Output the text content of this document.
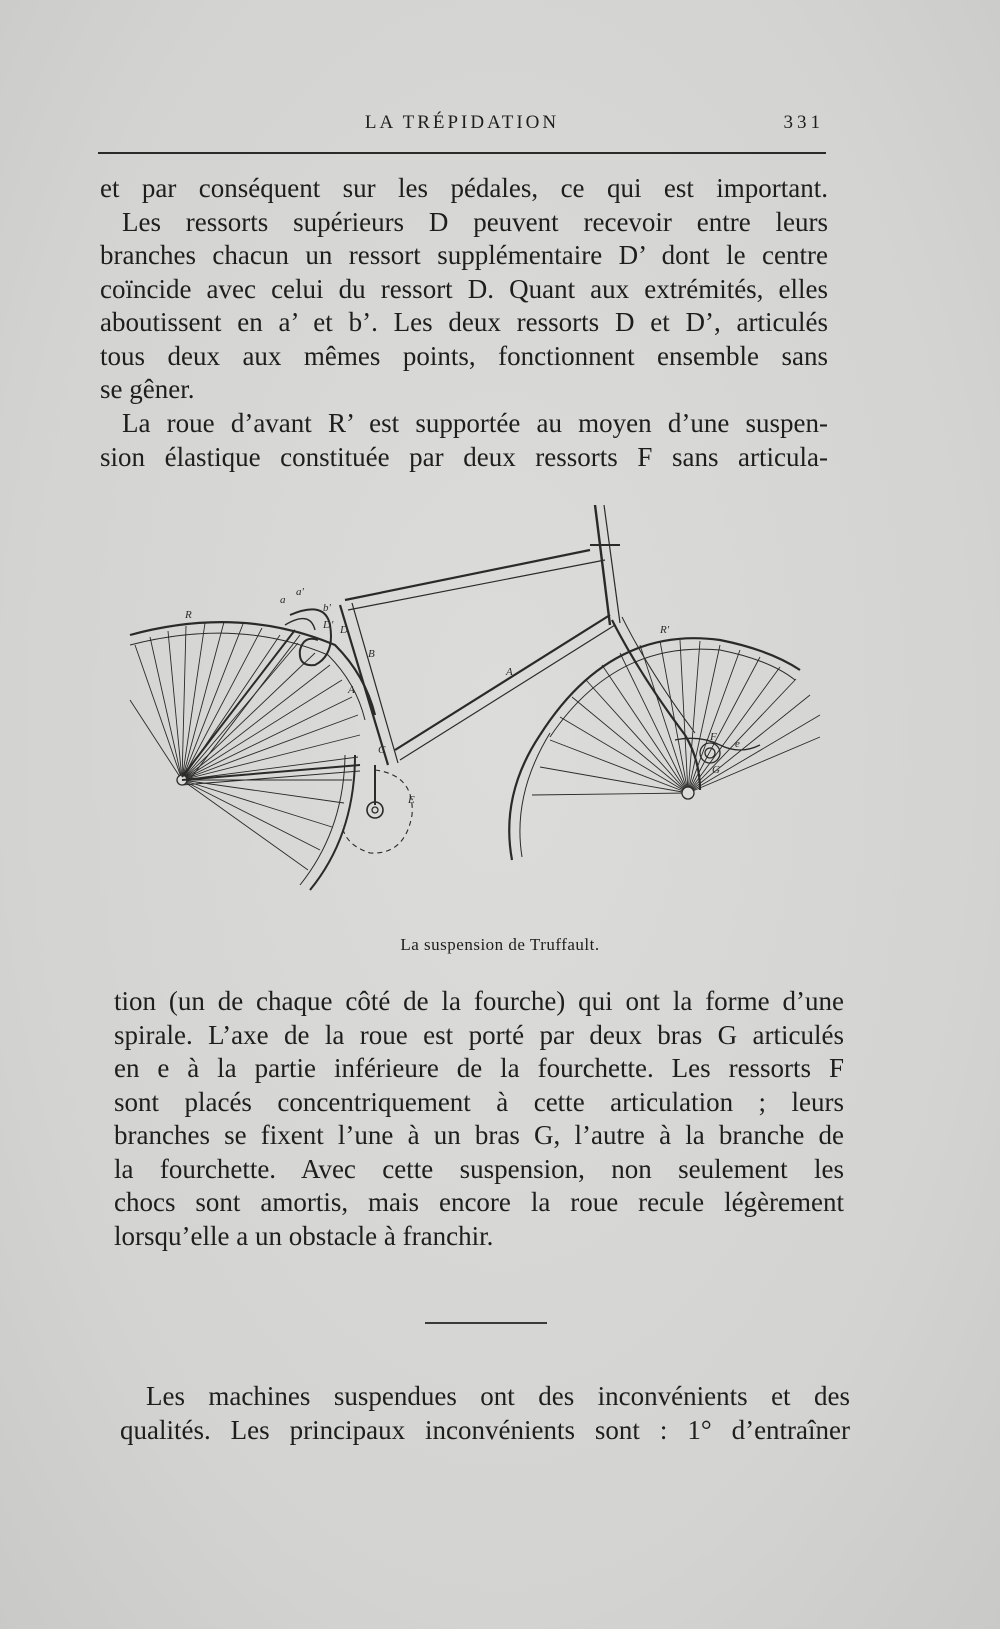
LA TRÉPIDATION	331
et par conséquent sur les pédales, ce qui est important.
Les ressorts supérieurs D peuvent recevoir entre leurs
branches chacun un ressort supplémentaire D’ dont le centre
coïncide avec celui du ressort D. Quant aux extrémités, elles
aboutissent en a’ et b’. Les deux ressorts D et D’, articulés
tous deux aux mêmes points, fonctionnent ensemble sans
se gêner.
La roue d’avant R’ est supportée au moyen d’une suspen-
sion élastique constituée par deux ressorts F sans articula-
R
R'
a
a'
b'
D
D'
B
A
A
C
E
F
G
e
La suspension de Truffault.
tion (un de chaque côté de la fourche) qui ont la forme d’une
spirale. L’axe de la roue est porté par deux bras G articulés
en e à la partie inférieure de la fourchette. Les ressorts F
sont placés concentriquement à cette articulation ; leurs
branches se fixent l’une à un bras G, l’autre à la branche de
la fourchette. Avec cette suspension, non seulement les
chocs sont amortis, mais encore la roue recule légèrement
lorsqu’elle a un obstacle à franchir.
Les machines suspendues ont des inconvénients et des
qualités. Les principaux inconvénients sont : 1° d’entraîner
